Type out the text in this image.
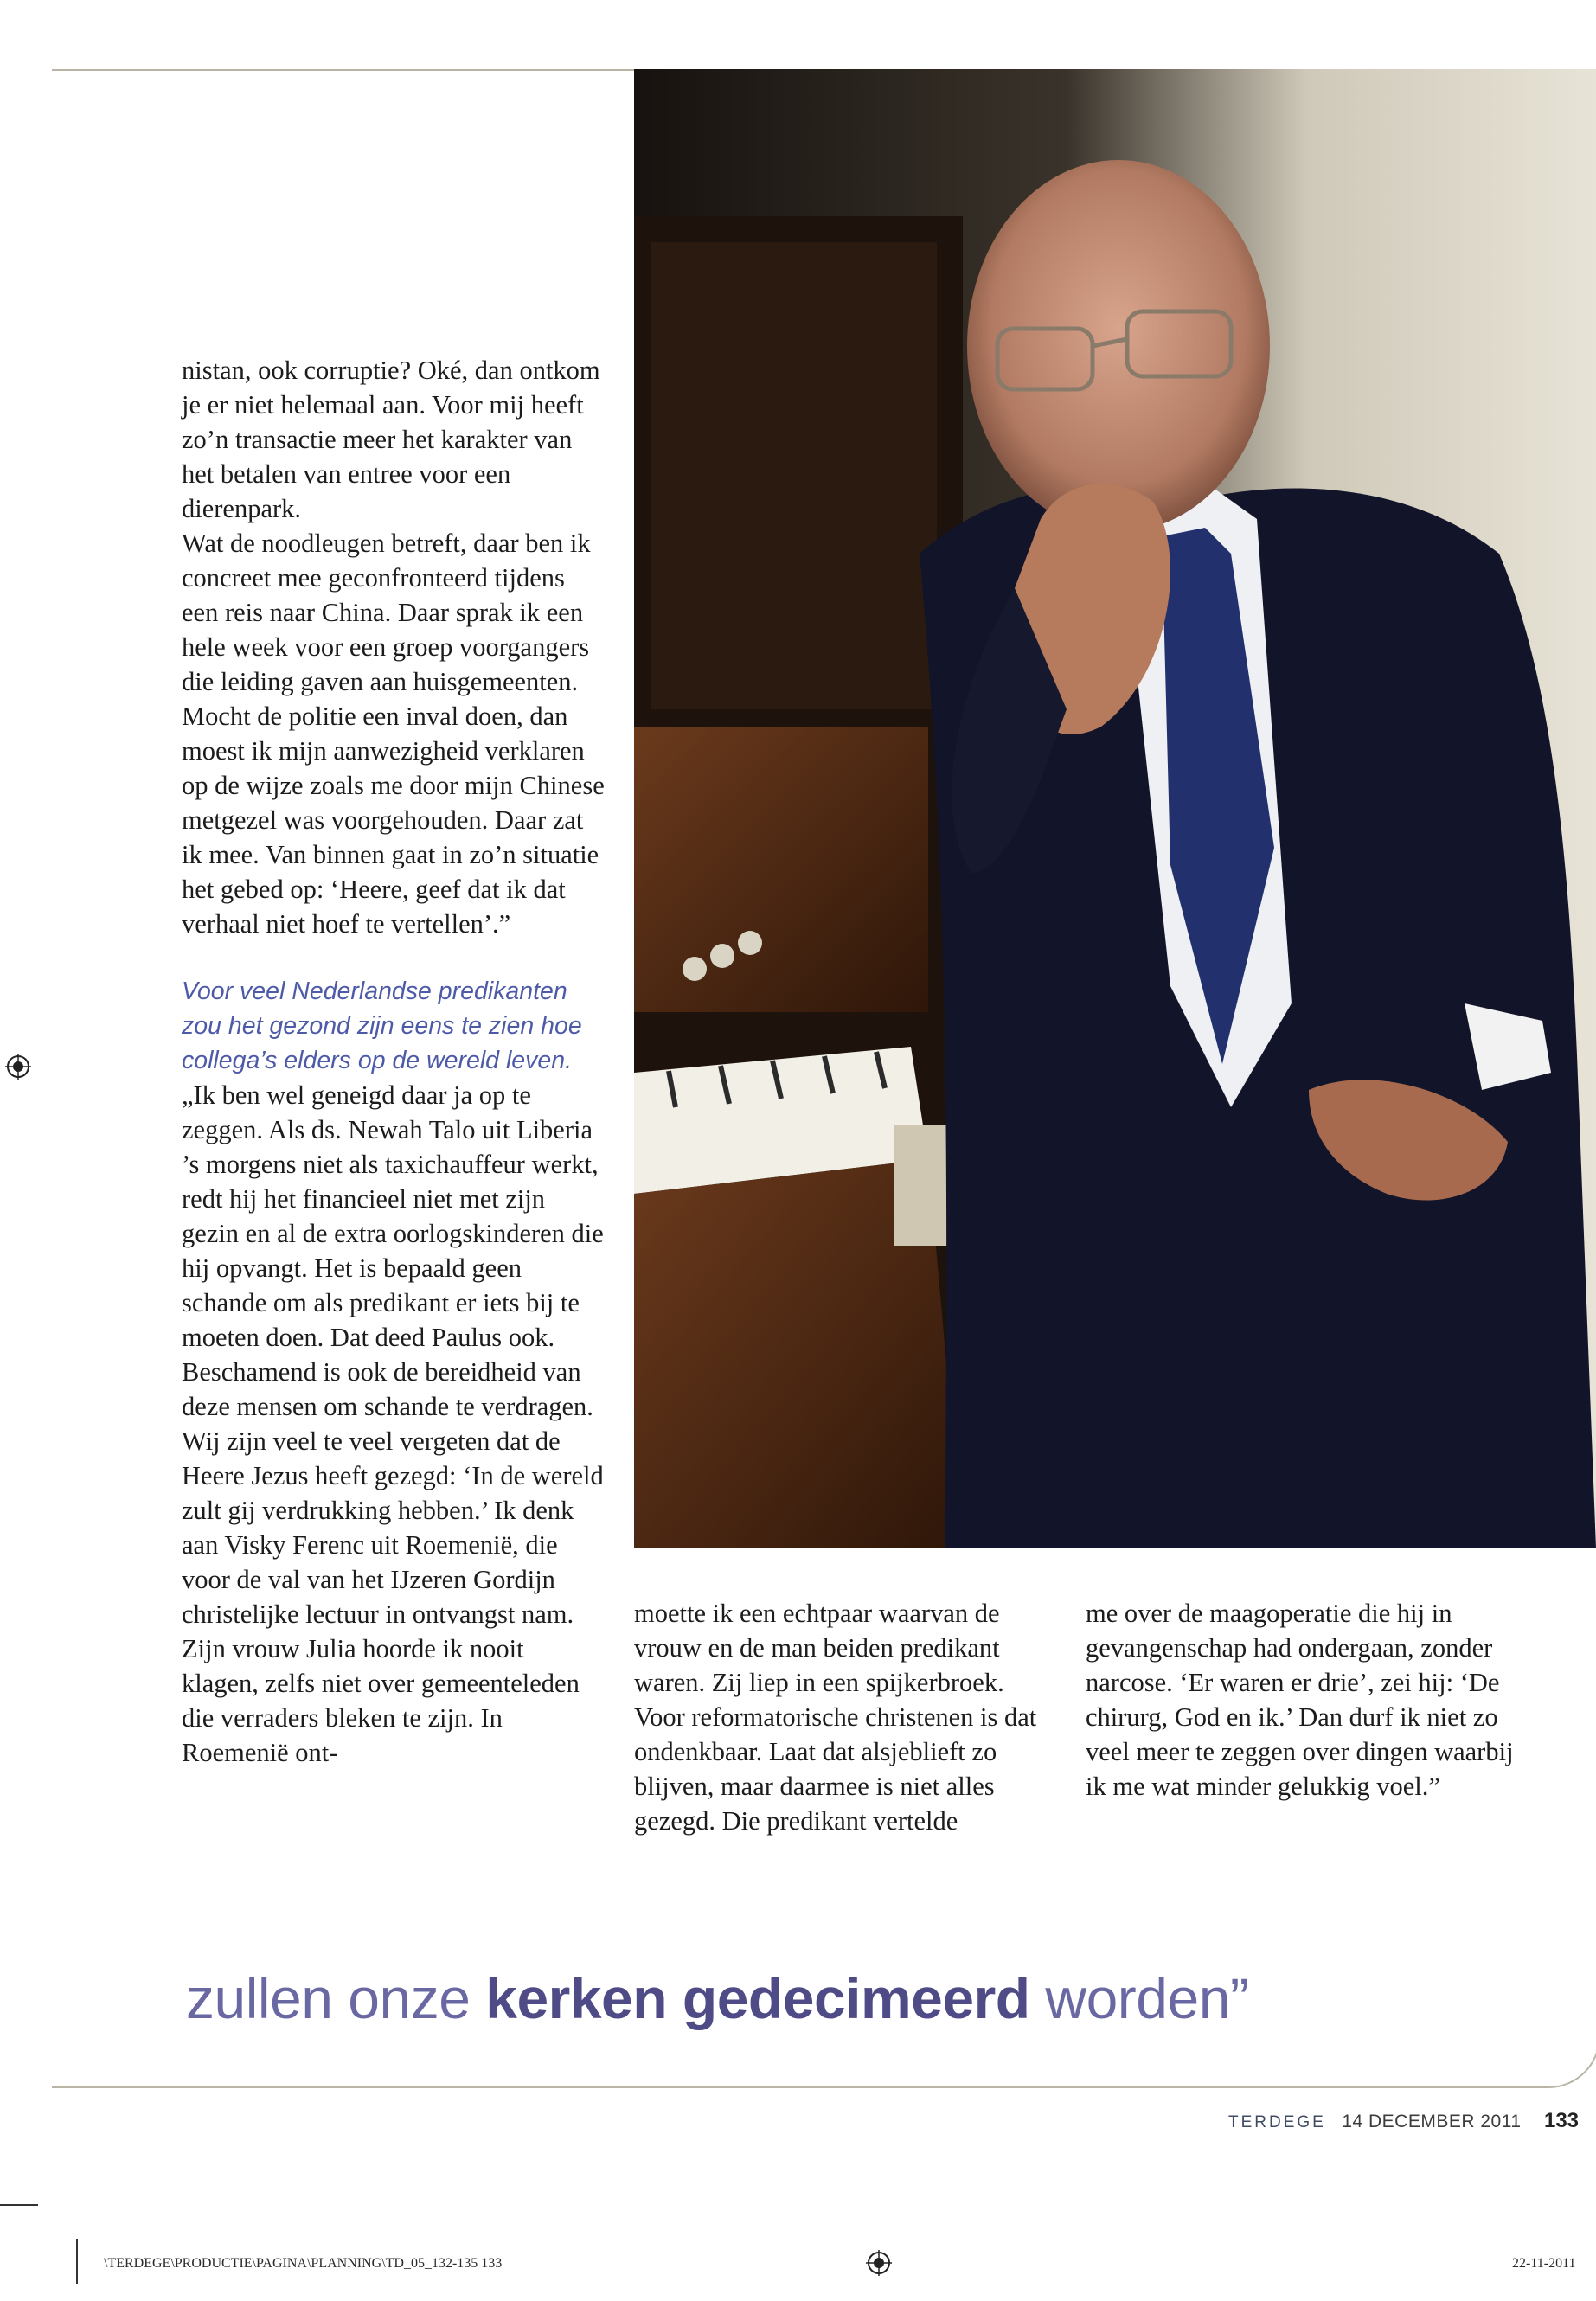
nistan, ook corruptie? Oké, dan ontkom je er niet helemaal aan. Voor mij heeft zo’n transactie meer het karakter van het betalen van entree voor een dierenpark.

Wat de noodleugen betreft, daar ben ik concreet mee geconfronteerd tijdens een reis naar China. Daar sprak ik een hele week voor een groep voorgangers die leiding gaven aan huisgemeenten. Mocht de politie een inval doen, dan moest ik mijn aanwezigheid verklaren op de wijze zoals me door mijn Chinese metgezel was voorgehouden. Daar zat ik mee. Van binnen gaat in zo’n situatie het gebed op: ‘Heere, geef dat ik dat verhaal niet hoef te vertellen’.”

Voor veel Nederlandse predikanten zou het gezond zijn eens te zien hoe collega’s elders op de wereld leven.

„Ik ben wel geneigd daar ja op te zeggen. Als ds. Newah Talo uit Liberia ’s morgens niet als taxichauffeur werkt, redt hij het financieel niet met zijn gezin en al de extra oorlogskinderen die hij opvangt. Het is bepaald geen schande om als predikant er iets bij te moeten doen. Dat deed Paulus ook.

Beschamend is ook de bereidheid van deze mensen om schande te verdragen. Wij zijn veel te veel vergeten dat de Heere Jezus heeft gezegd: ‘In de wereld zult gij verdrukking hebben.’ Ik denk aan Visky Ferenc uit Roemenië, die voor de val van het IJzeren Gordijn christelijke lectuur in ontvangst nam. Zijn vrouw Julia hoorde ik nooit klagen, zelfs niet over gemeenteleden die verraders bleken te zijn. In Roemenië ont-

moette ik een echtpaar waarvan de vrouw en de man beiden predikant waren. Zij liep in een spijkerbroek. Voor reformatorische christenen is dat ondenkbaar. Laat dat alsjeblieft zo blijven, maar daarmee is niet alles gezegd. Die predikant vertelde

me over de maagoperatie die hij in gevangenschap had ondergaan, zonder narcose. ‘Er waren er drie’, zei hij: ‘De chirurg, God en ik.’ Dan durf ik niet zo veel meer te zeggen over dingen waarbij ik me wat minder gelukkig voel.”

zullen onze kerken gedecimeerd worden”
TERDEGE 14 DECEMBER 2011 133
\TERDEGE\PRODUCTIE\PAGINA\PLANNING\TD_05_132-135 133	22-11-2011
